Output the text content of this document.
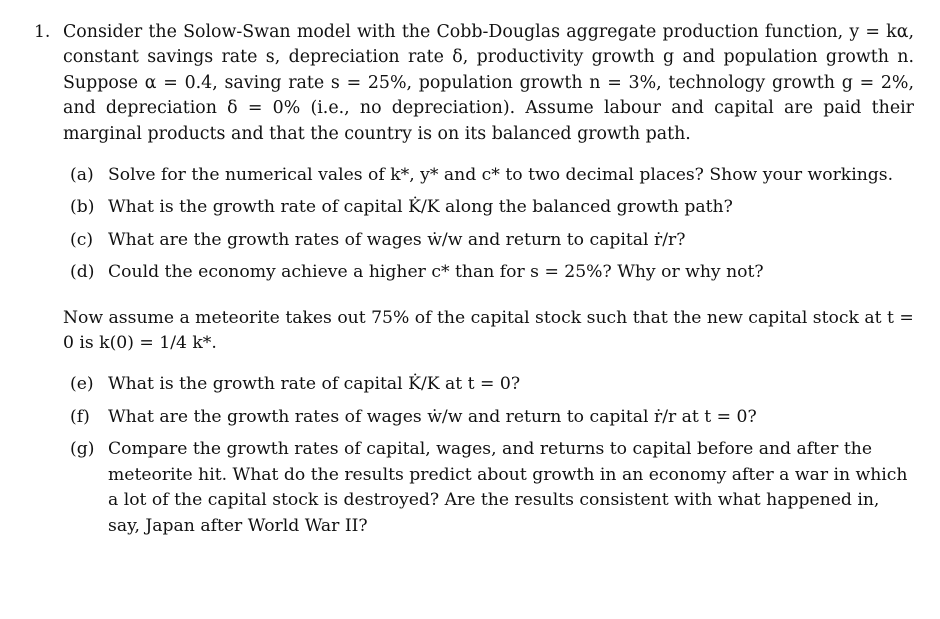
1. Consider the Solow-Swan model with the Cobb-Douglas aggregate production function, y = kα, constant savings rate s, depreciation rate δ, productivity growth g and population growth n. Suppose α = 0.4, saving rate s = 25%, population growth n = 3%, technology growth g = 2%, and depreciation δ = 0% (i.e., no depreciation). Assume labour and capital are paid their marginal products and that the country is on its balanced growth path.
(a) Solve for the numerical vales of k*, y* and c* to two decimal places? Show your workings.
(b) What is the growth rate of capital K̇/K along the balanced growth path?
(c) What are the growth rates of wages ẇ/w and return to capital ṙ/r?
(d) Could the economy achieve a higher c* than for s = 25%? Why or why not?
Now assume a meteorite takes out 75% of the capital stock such that the new capital stock at t = 0 is k(0) = 1/4 k*.
(e) What is the growth rate of capital K̇/K at t = 0?
(f) What are the growth rates of wages ẇ/w and return to capital ṙ/r at t = 0?
(g) Compare the growth rates of capital, wages, and returns to capital before and after the meteorite hit. What do the results predict about growth in an economy after a war in which a lot of the capital stock is destroyed? Are the results consistent with what happened in, say, Japan after World War II?
